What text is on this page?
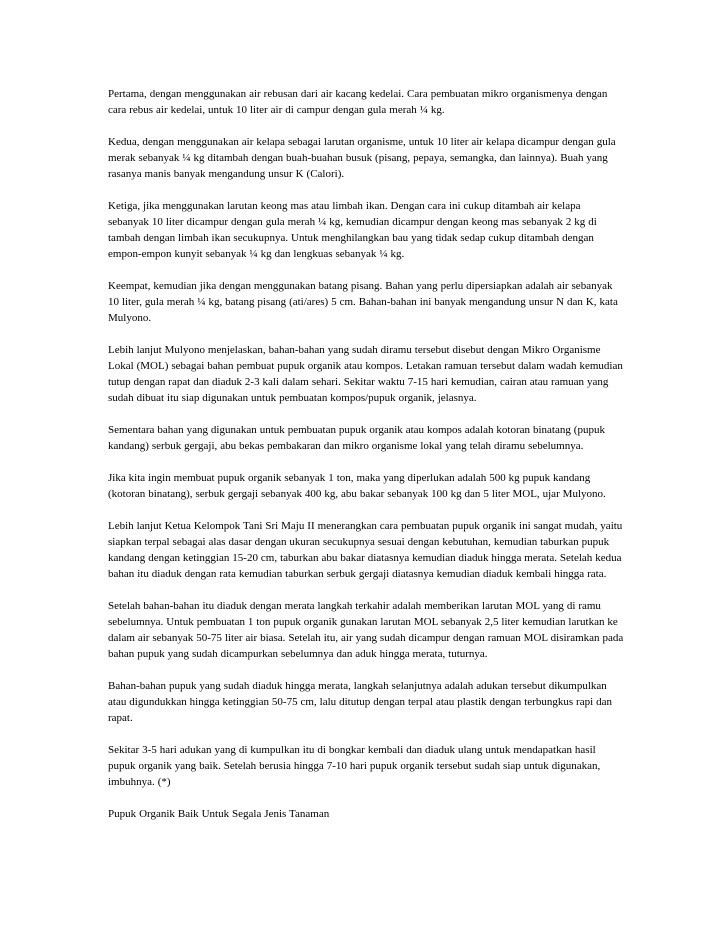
Pertama, dengan menggunakan air rebusan dari air kacang kedelai. Cara pembuatan mikro organismenya dengan cara rebus air kedelai, untuk 10 liter air di campur dengan gula merah ¼ kg.

Kedua, dengan menggunakan air kelapa sebagai larutan organisme, untuk 10 liter air kelapa dicampur dengan gula merak sebanyak ¼ kg ditambah dengan buah-buahan busuk (pisang, pepaya, semangka, dan lainnya). Buah yang rasanya manis banyak mengandung unsur K (Calori).

Ketiga, jika menggunakan larutan keong mas atau limbah ikan. Dengan cara ini cukup ditambah air kelapa sebanyak 10 liter dicampur dengan gula merah ¼ kg, kemudian dicampur dengan keong mas sebanyak 2 kg di tambah dengan limbah ikan secukupnya. Untuk menghilangkan bau yang tidak sedap cukup ditambah dengan empon-empon kunyit sebanyak ¼ kg dan lengkuas sebanyak ¼ kg.

Keempat, kemudian jika dengan menggunakan batang pisang. Bahan yang perlu dipersiapkan adalah air sebanyak 10 liter, gula merah ¼ kg, batang pisang (ati/ares) 5 cm. Bahan-bahan ini banyak mengandung unsur N dan K, kata Mulyono.

Lebih lanjut Mulyono menjelaskan, bahan-bahan yang sudah diramu tersebut disebut dengan Mikro Organisme Lokal (MOL) sebagai bahan pembuat pupuk organik atau kompos. Letakan ramuan tersebut dalam wadah kemudian tutup dengan rapat dan diaduk 2-3 kali dalam sehari. Sekitar waktu 7-15 hari kemudian, cairan atau ramuan yang sudah dibuat itu siap digunakan untuk pembuatan kompos/pupuk organik, jelasnya.

Sementara bahan yang digunakan untuk pembuatan pupuk organik atau kompos adalah kotoran binatang (pupuk kandang) serbuk gergaji, abu bekas pembakaran dan mikro organisme lokal yang telah diramu sebelumnya.

Jika kita ingin membuat pupuk organik sebanyak 1 ton, maka yang diperlukan adalah 500 kg pupuk kandang (kotoran binatang), serbuk gergaji sebanyak 400 kg, abu bakar sebanyak 100 kg dan 5 liter MOL, ujar Mulyono.

Lebih lanjut Ketua Kelompok Tani Sri Maju II menerangkan cara pembuatan pupuk organik ini sangat mudah, yaitu siapkan terpal sebagai alas dasar dengan ukuran secukupnya sesuai dengan kebutuhan, kemudian taburkan pupuk kandang dengan ketinggian 15-20 cm, taburkan abu bakar diatasnya kemudian diaduk hingga merata. Setelah kedua bahan itu diaduk dengan rata kemudian taburkan serbuk gergaji diatasnya kemudian diaduk kembali hingga rata.

Setelah bahan-bahan itu diaduk dengan merata langkah terkahir adalah memberikan larutan MOL yang di ramu sebelumnya. Untuk pembuatan 1 ton pupuk organik gunakan larutan MOL sebanyak 2,5 liter kemudian larutkan ke dalam air sebanyak 50-75 liter air biasa. Setelah itu, air yang sudah dicampur dengan ramuan MOL disiramkan pada bahan pupuk yang sudah dicampurkan sebelumnya dan aduk hingga merata, tuturnya.

Bahan-bahan pupuk yang sudah diaduk hingga merata, langkah selanjutnya adalah adukan tersebut dikumpulkan atau digundukkan hingga ketinggian 50-75 cm, lalu ditutup dengan terpal atau plastik dengan terbungkus rapi dan rapat.

Sekitar 3-5 hari adukan yang di kumpulkan itu di bongkar kembali dan diaduk ulang untuk mendapatkan hasil pupuk organik yang baik. Setelah berusia hingga 7-10 hari pupuk organik tersebut sudah siap untuk digunakan, imbuhnya. (*)

Pupuk Organik Baik Untuk Segala Jenis Tanaman
